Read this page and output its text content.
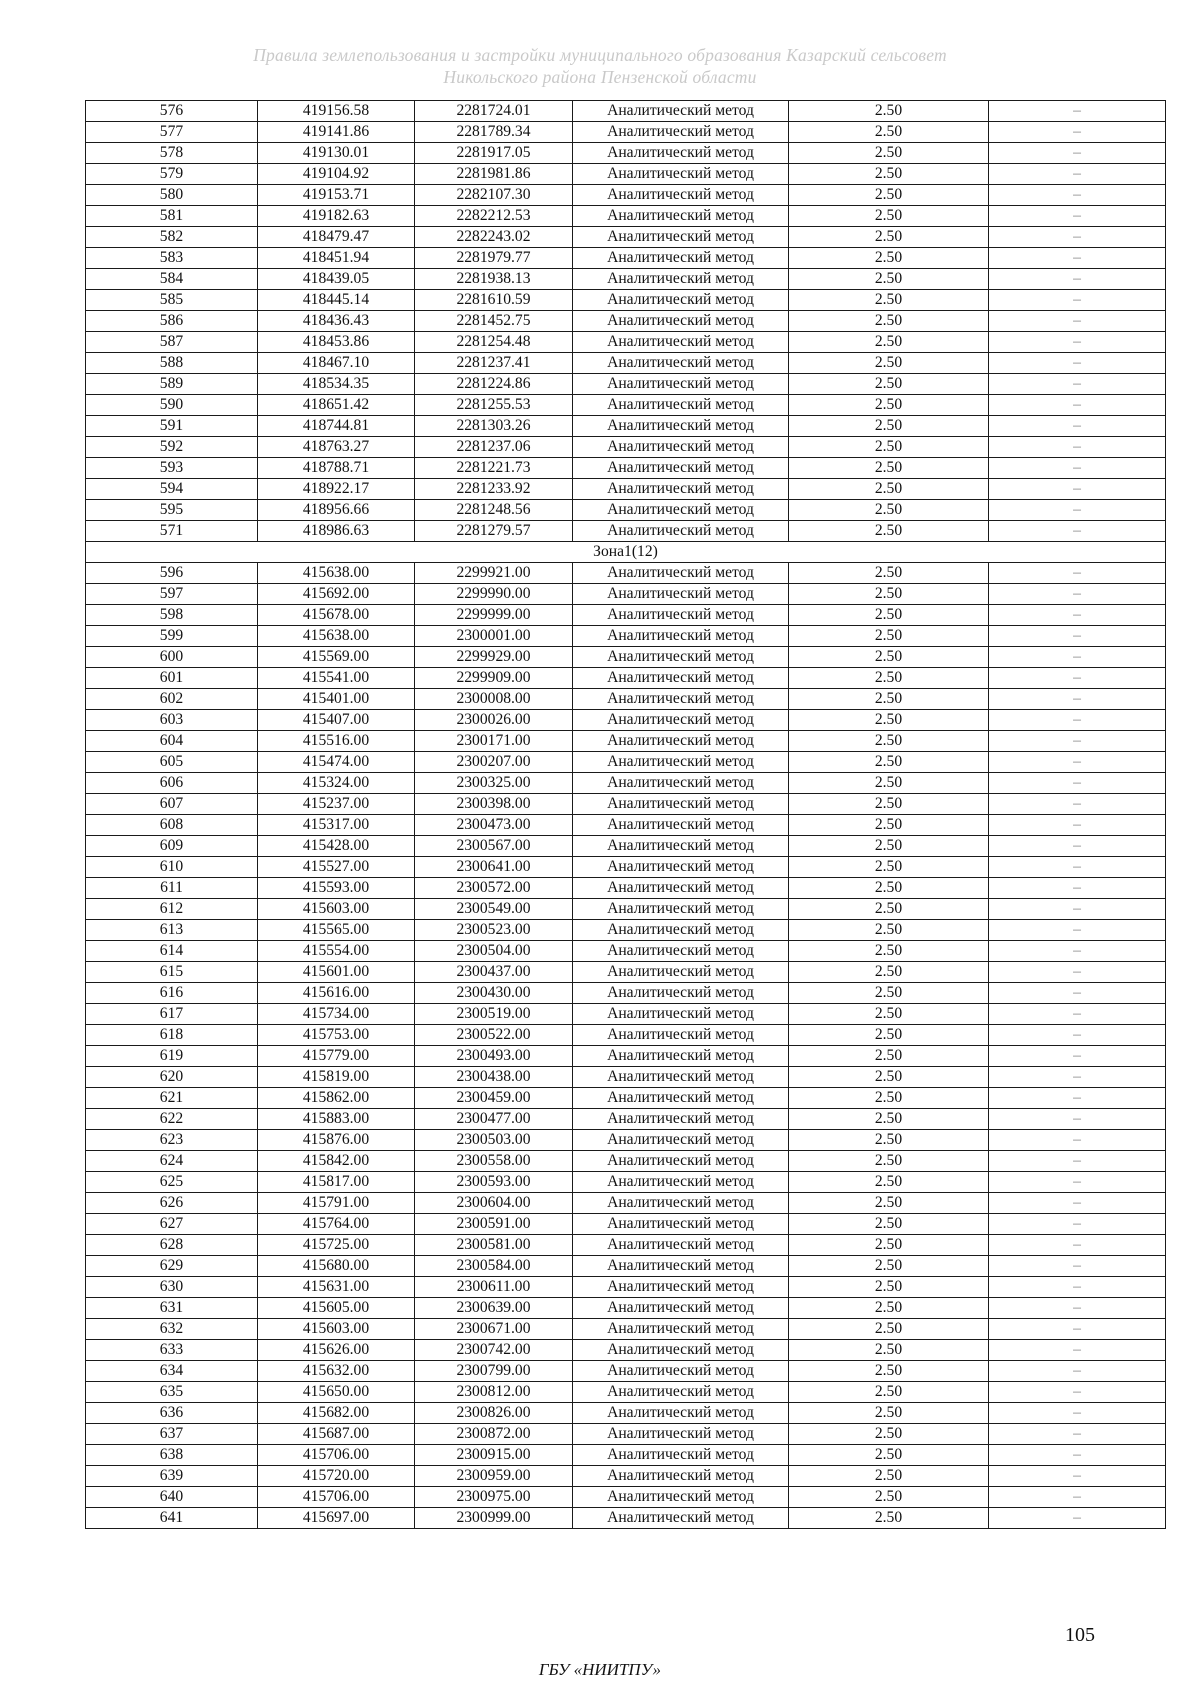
Правила землепользования и застройки муниципального образования Казарский сельсовет
Никольского района Пензенской области
576	419156.58	2281724.01	Аналитический метод	2.50	–
577	419141.86	2281789.34	Аналитический метод	2.50	–
578	419130.01	2281917.05	Аналитический метод	2.50	–
579	419104.92	2281981.86	Аналитический метод	2.50	–
580	419153.71	2282107.30	Аналитический метод	2.50	–
581	419182.63	2282212.53	Аналитический метод	2.50	–
582	418479.47	2282243.02	Аналитический метод	2.50	–
583	418451.94	2281979.77	Аналитический метод	2.50	–
584	418439.05	2281938.13	Аналитический метод	2.50	–
585	418445.14	2281610.59	Аналитический метод	2.50	–
586	418436.43	2281452.75	Аналитический метод	2.50	–
587	418453.86	2281254.48	Аналитический метод	2.50	–
588	418467.10	2281237.41	Аналитический метод	2.50	–
589	418534.35	2281224.86	Аналитический метод	2.50	–
590	418651.42	2281255.53	Аналитический метод	2.50	–
591	418744.81	2281303.26	Аналитический метод	2.50	–
592	418763.27	2281237.06	Аналитический метод	2.50	–
593	418788.71	2281221.73	Аналитический метод	2.50	–
594	418922.17	2281233.92	Аналитический метод	2.50	–
595	418956.66	2281248.56	Аналитический метод	2.50	–
571	418986.63	2281279.57	Аналитический метод	2.50	–
Зона1(12)					
596	415638.00	2299921.00	Аналитический метод	2.50	–
597	415692.00	2299990.00	Аналитический метод	2.50	–
598	415678.00	2299999.00	Аналитический метод	2.50	–
599	415638.00	2300001.00	Аналитический метод	2.50	–
600	415569.00	2299929.00	Аналитический метод	2.50	–
601	415541.00	2299909.00	Аналитический метод	2.50	–
602	415401.00	2300008.00	Аналитический метод	2.50	–
603	415407.00	2300026.00	Аналитический метод	2.50	–
604	415516.00	2300171.00	Аналитический метод	2.50	–
605	415474.00	2300207.00	Аналитический метод	2.50	–
606	415324.00	2300325.00	Аналитический метод	2.50	–
607	415237.00	2300398.00	Аналитический метод	2.50	–
608	415317.00	2300473.00	Аналитический метод	2.50	–
609	415428.00	2300567.00	Аналитический метод	2.50	–
610	415527.00	2300641.00	Аналитический метод	2.50	–
611	415593.00	2300572.00	Аналитический метод	2.50	–
612	415603.00	2300549.00	Аналитический метод	2.50	–
613	415565.00	2300523.00	Аналитический метод	2.50	–
614	415554.00	2300504.00	Аналитический метод	2.50	–
615	415601.00	2300437.00	Аналитический метод	2.50	–
616	415616.00	2300430.00	Аналитический метод	2.50	–
617	415734.00	2300519.00	Аналитический метод	2.50	–
618	415753.00	2300522.00	Аналитический метод	2.50	–
619	415779.00	2300493.00	Аналитический метод	2.50	–
620	415819.00	2300438.00	Аналитический метод	2.50	–
621	415862.00	2300459.00	Аналитический метод	2.50	–
622	415883.00	2300477.00	Аналитический метод	2.50	–
623	415876.00	2300503.00	Аналитический метод	2.50	–
624	415842.00	2300558.00	Аналитический метод	2.50	–
625	415817.00	2300593.00	Аналитический метод	2.50	–
626	415791.00	2300604.00	Аналитический метод	2.50	–
627	415764.00	2300591.00	Аналитический метод	2.50	–
628	415725.00	2300581.00	Аналитический метод	2.50	–
629	415680.00	2300584.00	Аналитический метод	2.50	–
630	415631.00	2300611.00	Аналитический метод	2.50	–
631	415605.00	2300639.00	Аналитический метод	2.50	–
632	415603.00	2300671.00	Аналитический метод	2.50	–
633	415626.00	2300742.00	Аналитический метод	2.50	–
634	415632.00	2300799.00	Аналитический метод	2.50	–
635	415650.00	2300812.00	Аналитический метод	2.50	–
636	415682.00	2300826.00	Аналитический метод	2.50	–
637	415687.00	2300872.00	Аналитический метод	2.50	–
638	415706.00	2300915.00	Аналитический метод	2.50	–
639	415720.00	2300959.00	Аналитический метод	2.50	–
640	415706.00	2300975.00	Аналитический метод	2.50	–
641	415697.00	2300999.00	Аналитический метод	2.50	–
105
ГБУ «НИИТПУ»
